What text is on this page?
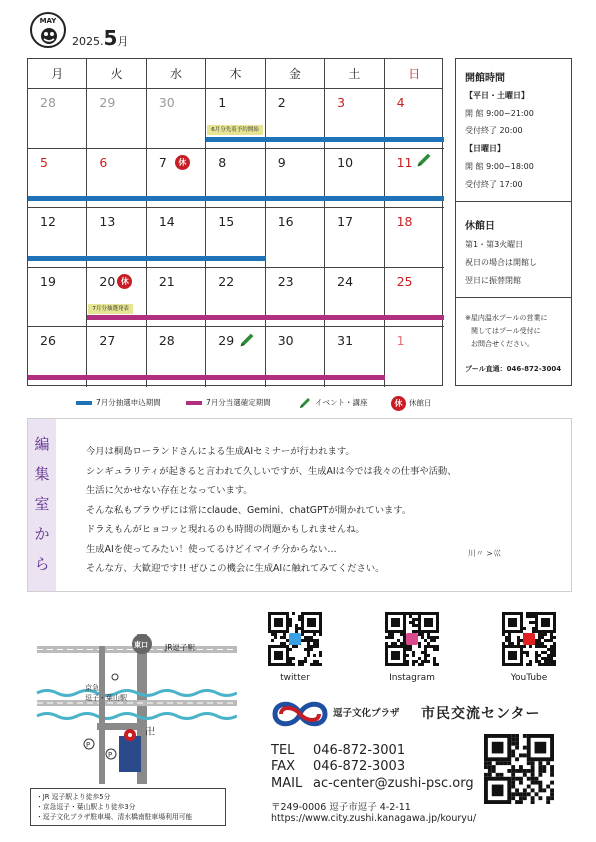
MAY
2025.5月
月	火	水	木	金	土	日
28	29	30	1	2	3	4
5	6	7	8	9	10	11
12	13	14	15	16	17	18
19	20	21	22	23	24	25
26	27	28	29	30	31	1
6月分先着予約開始
休
休
7月分抽選発表
開館時間
【平日・土曜日】
開 館 9:00~21:00
受付終了 20:00
【日曜日】
開 館 9:00~18:00
受付終了 17:00
休館日
第1・第3火曜日
祝日の場合は開館し
翌日に振替閉館
※屋内温水プールの営業に
関してはプール受付に
お問合せください。
プール直通：046-872-3004
7月分抽選申込期間	7月分当選確定期間	イベント・講座	休 休館日
編
集
室
か
ら
今月は桐島ローランドさんによる生成AIセミナーが行われます。
シンギュラリティが起きると言われて久しいですが、生成AIは今では我々の仕事や活動、
生活に欠かせない存在となっています。
そんな私もブラウザには常にclaude、Gemini、chatGPTが開かれています。
ドラえもんがヒョコッと現れるのも時間の問題かもしれませんね。
生成AIを使ってみたい！使ってるけどイマイチ分からない…
そんな方、大歓迎です!! ぜひこの機会に生成AIに触れてみてください。
川〃 >巛
P
P
東口 JR逗子駅
京急
逗子・葉山駅
卍
・JR 逗子駅より徒歩5分
・京急逗子・葉山駅より徒歩3分
・逗子文化プラザ駐車場、清水橋南駐車場利用可能
twitter	Instagram	YouTube
逗子文化プラザ 市民交流センター
TEL 046-872-3001
FAX 046-872-3003
MAIL ac-center@zushi-psc.org
〒249-0006 逗子市逗子 4-2-11
https://www.city.zushi.kanagawa.jp/kouryu/
